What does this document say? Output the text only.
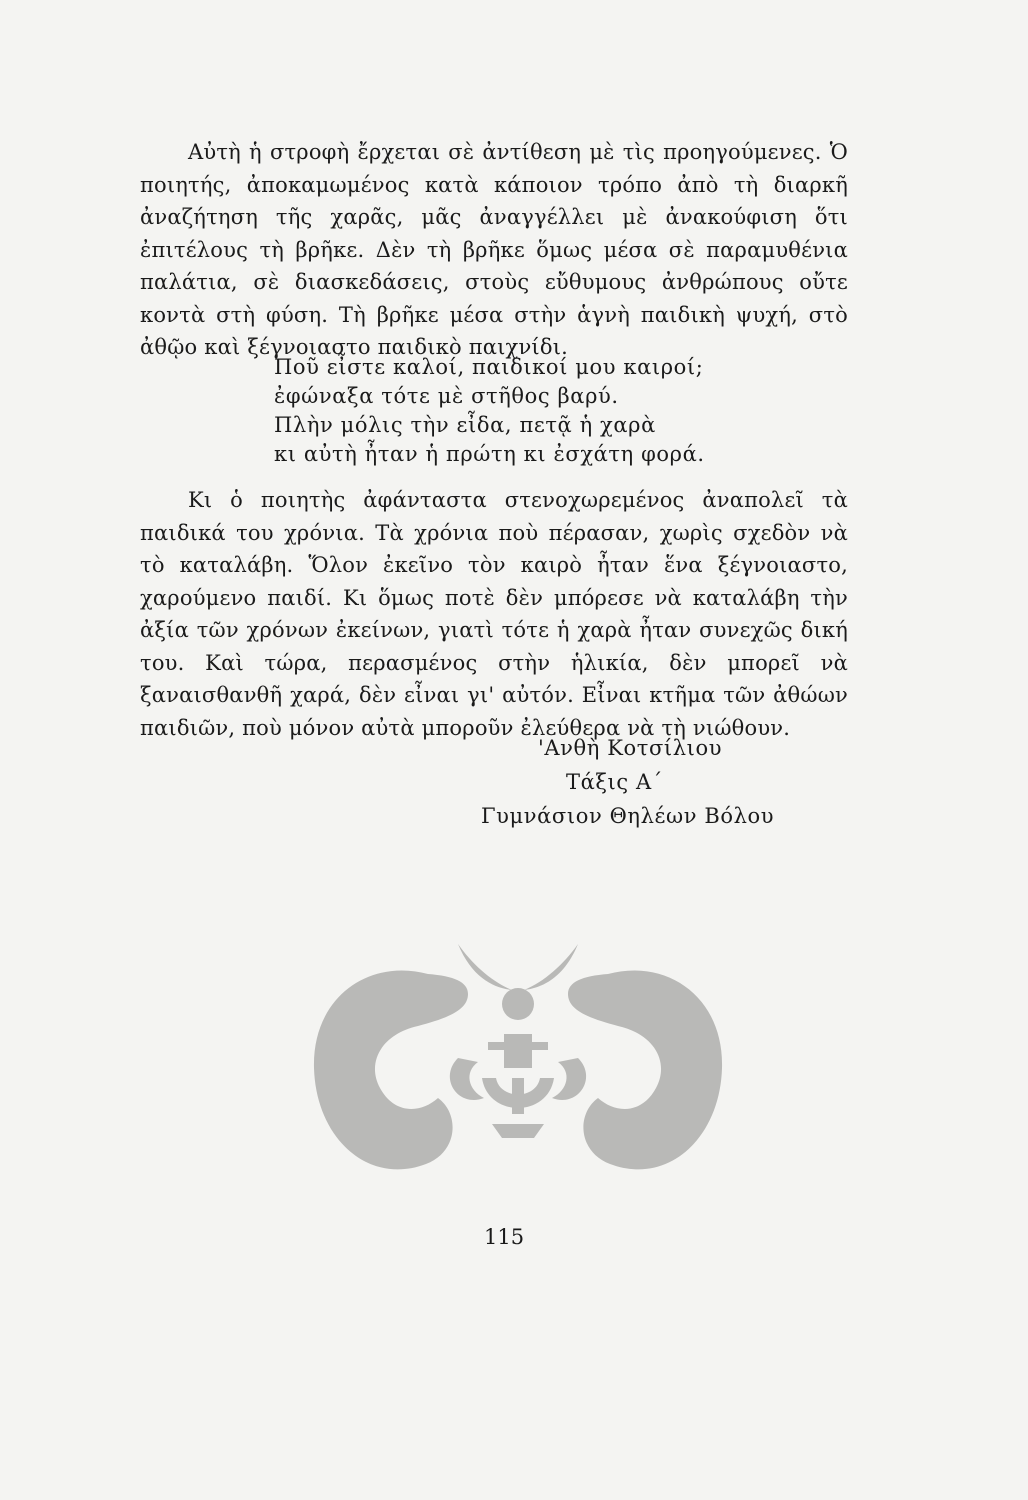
Αὐτὴ ἡ στροφὴ ἔρχεται σὲ ἀντίθεση μὲ τὶς προηγούμενες. Ὁ ποιητής, ἀποκαμωμένος κατὰ κάποιον τρόπο ἀπὸ τὴ διαρκῆ ἀναζήτηση τῆς χαρᾶς, μᾶς ἀναγγέλλει μὲ ἀνακούφιση ὅτι ἐπιτέλους τὴ βρῆκε. Δὲν τὴ βρῆκε ὅμως μέσα σὲ παραμυθένια παλάτια, σὲ διασκεδάσεις, στοὺς εὔθυμους ἀνθρώπους οὔτε κοντὰ στὴ φύση. Τὴ βρῆκε μέσα στὴν ἁγνὴ παιδικὴ ψυχή, στὸ ἀθῷο καὶ ξέγνοιαστο παιδικὸ παιχνίδι.

Ποῦ εἶστε καλοί, παιδικοί μου καιροί;
ἐφώναξα τότε μὲ στῆθος βαρύ.
Πλὴν μόλις τὴν εἶδα, πετᾷ ἡ χαρὰ
κι αὐτὴ ἦταν ἡ πρώτη κι ἐσχάτη φορά.

Κι ὁ ποιητὴς ἀφάνταστα στενοχωρεμένος ἀναπολεῖ τὰ παιδικά του χρόνια. Τὰ χρόνια ποὺ πέρασαν, χωρὶς σχεδὸν νὰ τὸ καταλάβη. Ὅλον ἐκεῖνο τὸν καιρὸ ἦταν ἕνα ξέγνοιαστο, χαρούμενο παιδί. Κι ὅμως ποτὲ δὲν μπόρεσε νὰ καταλάβη τὴν ἀξία τῶν χρόνων ἐκείνων, γιατὶ τότε ἡ χαρὰ ἦταν συνεχῶς δική του. Καὶ τώρα, περασμένος στὴν ἡλικία, δὲν μπορεῖ νὰ ξαναισθανθῆ χαρά, δὲν εἶναι γι' αὐτόν. Εἶναι κτῆμα τῶν ἀθώων παιδιῶν, ποὺ μόνον αὐτὰ μποροῦν ἐλεύθερα νὰ τὴ νιώθουν.

'Ανθὴ Κοτσίλιου
Τάξις Α΄
Γυμνάσιον Θηλέων Βόλου
115
